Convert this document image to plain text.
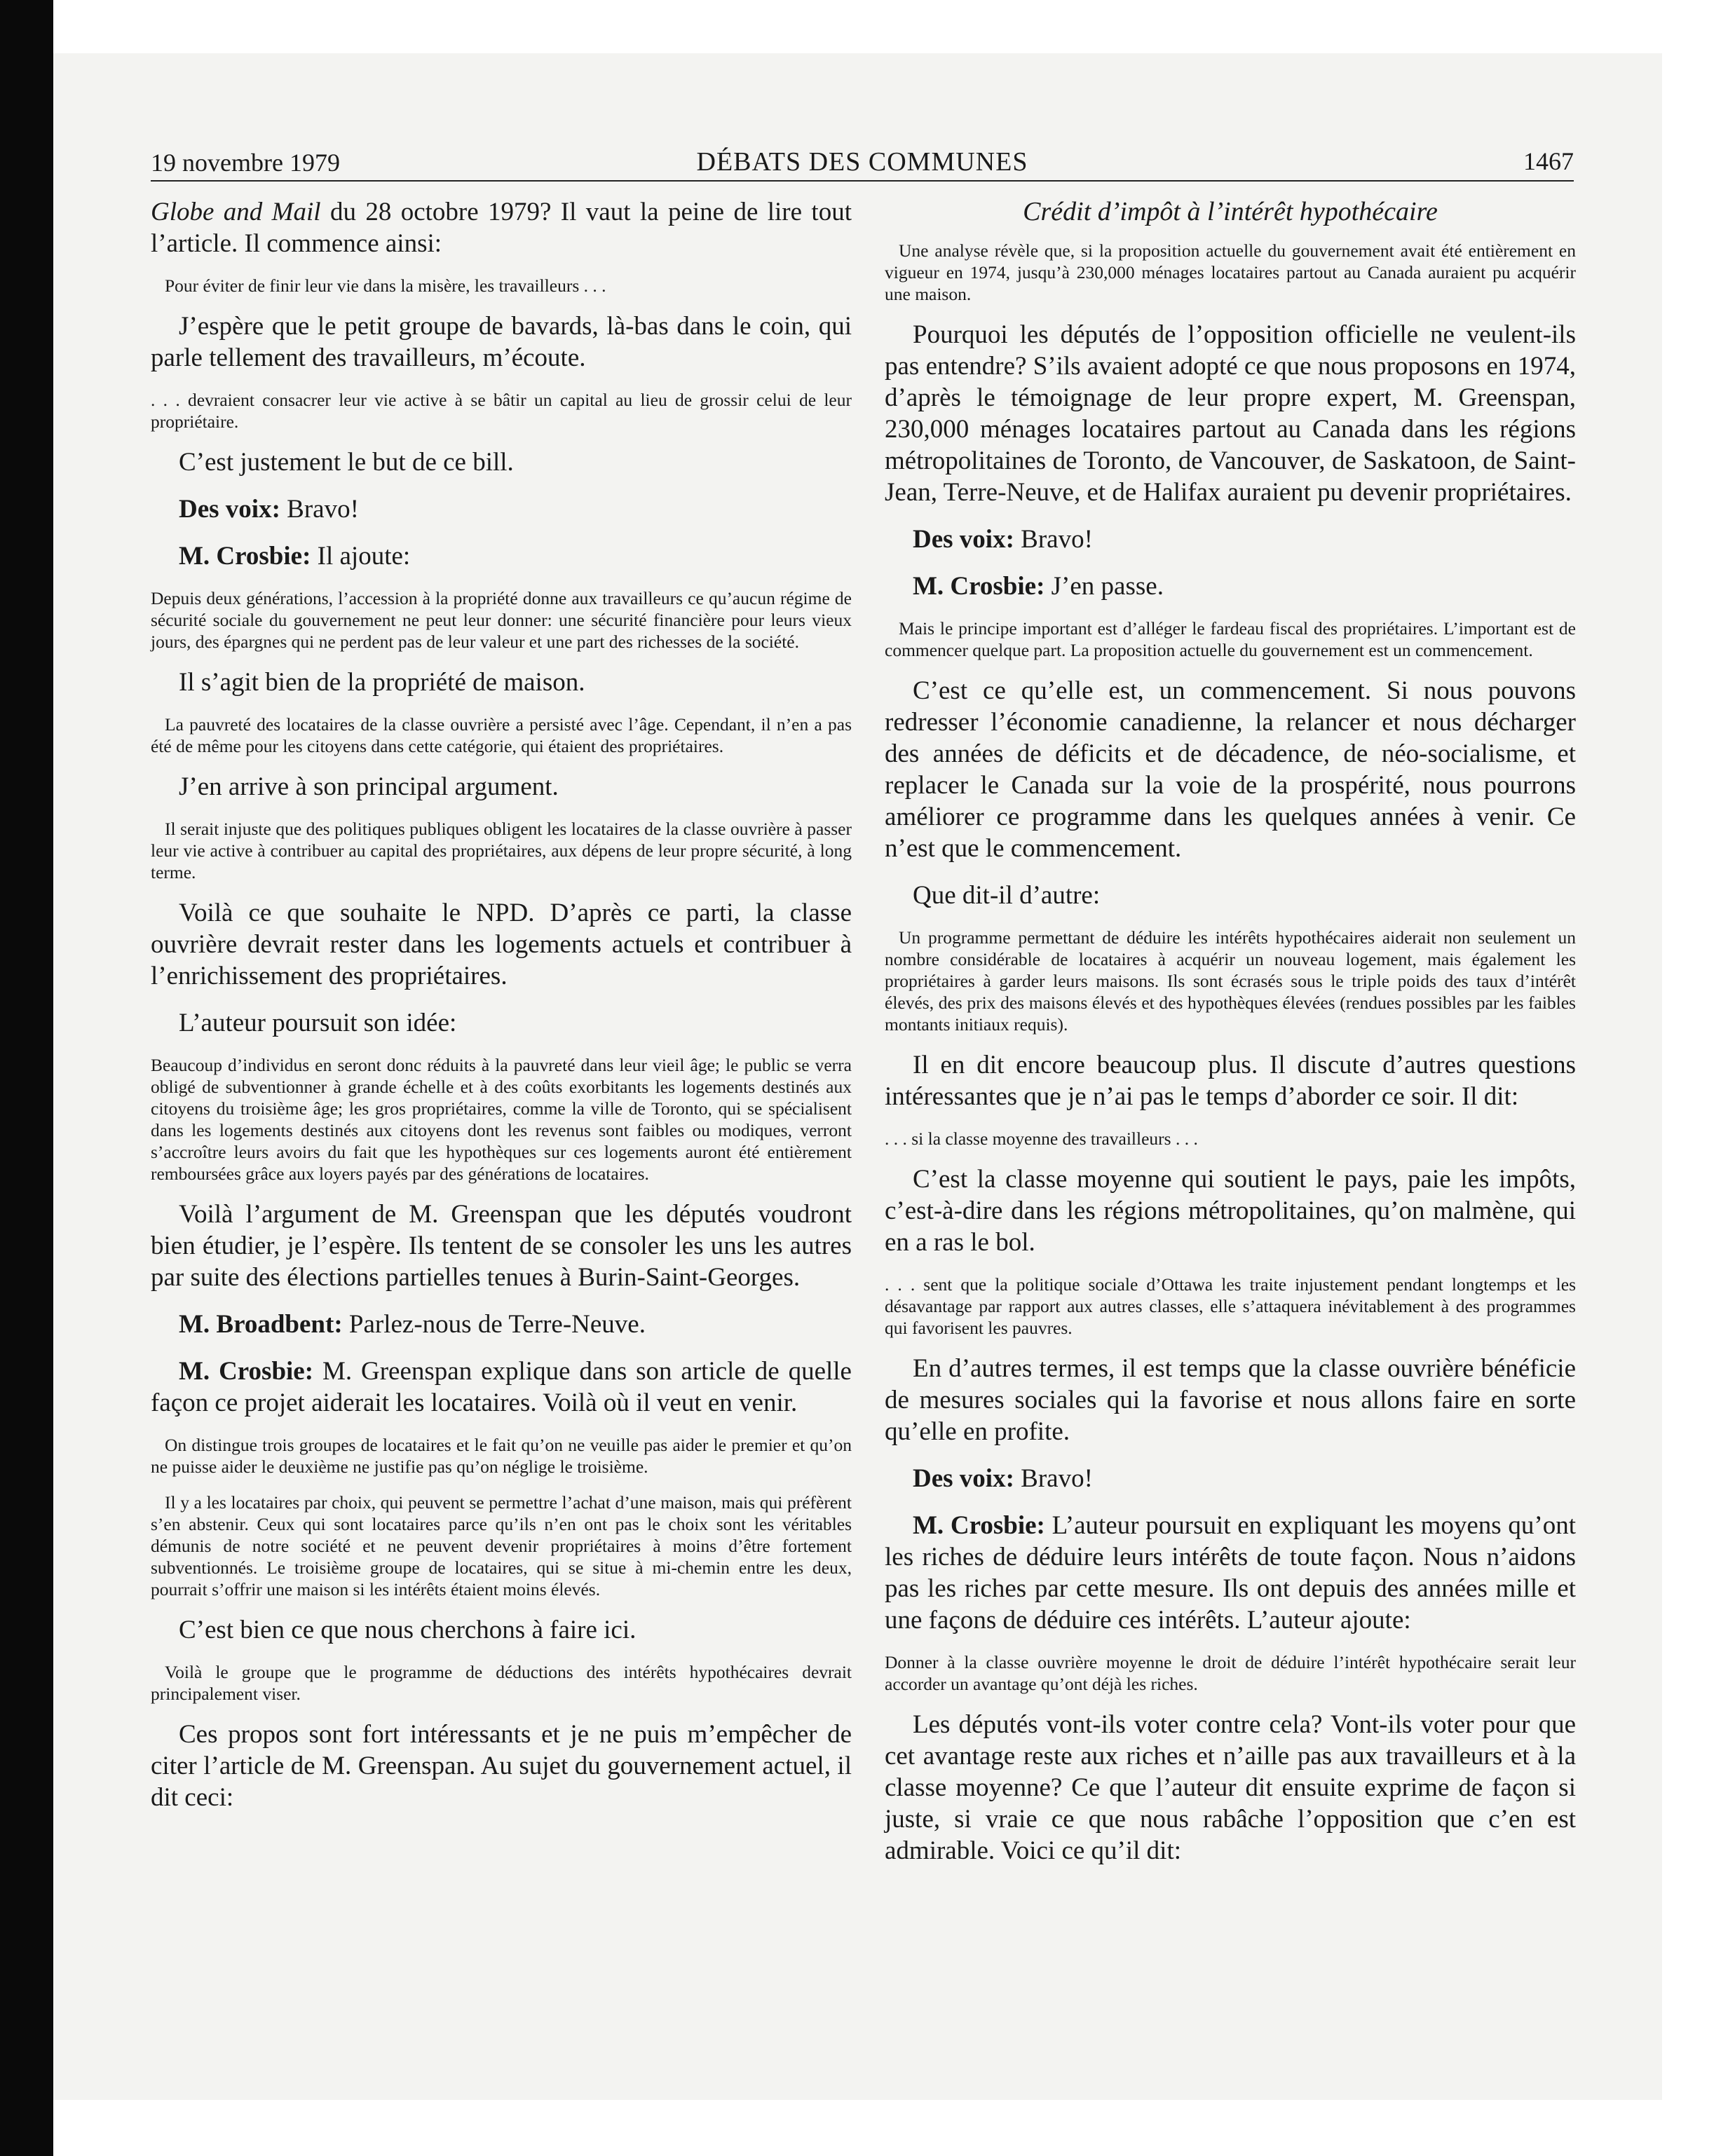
19 novembre 1979	DÉBATS DES COMMUNES	1467

Globe and Mail du 28 octobre 1979? Il vaut la peine de lire tout l’article. Il commence ainsi:

Pour éviter de finir leur vie dans la misère, les travailleurs . . .

J’espère que le petit groupe de bavards, là-bas dans le coin, qui parle tellement des travailleurs, m’écoute.

. . . devraient consacrer leur vie active à se bâtir un capital au lieu de grossir celui de leur propriétaire.

C’est justement le but de ce bill.

Des voix: Bravo!

M. Crosbie: Il ajoute:

Depuis deux générations, l’accession à la propriété donne aux travailleurs ce qu’aucun régime de sécurité sociale du gouvernement ne peut leur donner: une sécurité financière pour leurs vieux jours, des épargnes qui ne perdent pas de leur valeur et une part des richesses de la société.

Il s’agit bien de la propriété de maison.

La pauvreté des locataires de la classe ouvrière a persisté avec l’âge. Cependant, il n’en a pas été de même pour les citoyens dans cette catégorie, qui étaient des propriétaires.

J’en arrive à son principal argument.

Il serait injuste que des politiques publiques obligent les locataires de la classe ouvrière à passer leur vie active à contribuer au capital des propriétaires, aux dépens de leur propre sécurité, à long terme.

Voilà ce que souhaite le NPD. D’après ce parti, la classe ouvrière devrait rester dans les logements actuels et contribuer à l’enrichissement des propriétaires.

L’auteur poursuit son idée:

Beaucoup d’individus en seront donc réduits à la pauvreté dans leur vieil âge; le public se verra obligé de subventionner à grande échelle et à des coûts exorbitants les logements destinés aux citoyens du troisième âge; les gros propriétaires, comme la ville de Toronto, qui se spécialisent dans les logements destinés aux citoyens dont les revenus sont faibles ou modiques, verront s’accroître leurs avoirs du fait que les hypothèques sur ces logements auront été entièrement remboursées grâce aux loyers payés par des générations de locataires.

Voilà l’argument de M. Greenspan que les députés voudront bien étudier, je l’espère. Ils tentent de se consoler les uns les autres par suite des élections partielles tenues à Burin-Saint-Georges.

M. Broadbent: Parlez-nous de Terre-Neuve.

M. Crosbie: M. Greenspan explique dans son article de quelle façon ce projet aiderait les locataires. Voilà où il veut en venir.

On distingue trois groupes de locataires et le fait qu’on ne veuille pas aider le premier et qu’on ne puisse aider le deuxième ne justifie pas qu’on néglige le troisième.

Il y a les locataires par choix, qui peuvent se permettre l’achat d’une maison, mais qui préfèrent s’en abstenir. Ceux qui sont locataires parce qu’ils n’en ont pas le choix sont les véritables démunis de notre société et ne peuvent devenir propriétaires à moins d’être fortement subventionnés. Le troisième groupe de locataires, qui se situe à mi-chemin entre les deux, pourrait s’offrir une maison si les intérêts étaient moins élevés.

C’est bien ce que nous cherchons à faire ici.

Voilà le groupe que le programme de déductions des intérêts hypothécaires devrait principalement viser.

Ces propos sont fort intéressants et je ne puis m’empêcher de citer l’article de M. Greenspan. Au sujet du gouvernement actuel, il dit ceci:

Crédit d’impôt à l’intérêt hypothécaire

Une analyse révèle que, si la proposition actuelle du gouvernement avait été entièrement en vigueur en 1974, jusqu’à 230,000 ménages locataires partout au Canada auraient pu acquérir une maison.

Pourquoi les députés de l’opposition officielle ne veulent-ils pas entendre? S’ils avaient adopté ce que nous proposons en 1974, d’après le témoignage de leur propre expert, M. Greenspan, 230,000 ménages locataires partout au Canada dans les régions métropolitaines de Toronto, de Vancouver, de Saskatoon, de Saint-Jean, Terre-Neuve, et de Halifax auraient pu devenir propriétaires.

Des voix: Bravo!

M. Crosbie: J’en passe.

Mais le principe important est d’alléger le fardeau fiscal des propriétaires. L’important est de commencer quelque part. La proposition actuelle du gouvernement est un commencement.

C’est ce qu’elle est, un commencement. Si nous pouvons redresser l’économie canadienne, la relancer et nous décharger des années de déficits et de décadence, de néo-socialisme, et replacer le Canada sur la voie de la prospérité, nous pourrons améliorer ce programme dans les quelques années à venir. Ce n’est que le commencement.

Que dit-il d’autre:

Un programme permettant de déduire les intérêts hypothécaires aiderait non seulement un nombre considérable de locataires à acquérir un nouveau logement, mais également les propriétaires à garder leurs maisons. Ils sont écrasés sous le triple poids des taux d’intérêt élevés, des prix des maisons élevés et des hypothèques élevées (rendues possibles par les faibles montants initiaux requis).

Il en dit encore beaucoup plus. Il discute d’autres questions intéressantes que je n’ai pas le temps d’aborder ce soir. Il dit:

. . . si la classe moyenne des travailleurs . . .

C’est la classe moyenne qui soutient le pays, paie les impôts, c’est-à-dire dans les régions métropolitaines, qu’on malmène, qui en a ras le bol.

. . . sent que la politique sociale d’Ottawa les traite injustement pendant longtemps et les désavantage par rapport aux autres classes, elle s’attaquera inévitablement à des programmes qui favorisent les pauvres.

En d’autres termes, il est temps que la classe ouvrière bénéficie de mesures sociales qui la favorise et nous allons faire en sorte qu’elle en profite.

Des voix: Bravo!

M. Crosbie: L’auteur poursuit en expliquant les moyens qu’ont les riches de déduire leurs intérêts de toute façon. Nous n’aidons pas les riches par cette mesure. Ils ont depuis des années mille et une façons de déduire ces intérêts. L’auteur ajoute:

Donner à la classe ouvrière moyenne le droit de déduire l’intérêt hypothécaire serait leur accorder un avantage qu’ont déjà les riches.

Les députés vont-ils voter contre cela? Vont-ils voter pour que cet avantage reste aux riches et n’aille pas aux travailleurs et à la classe moyenne? Ce que l’auteur dit ensuite exprime de façon si juste, si vraie ce que nous rabâche l’opposition que c’en est admirable. Voici ce qu’il dit:
